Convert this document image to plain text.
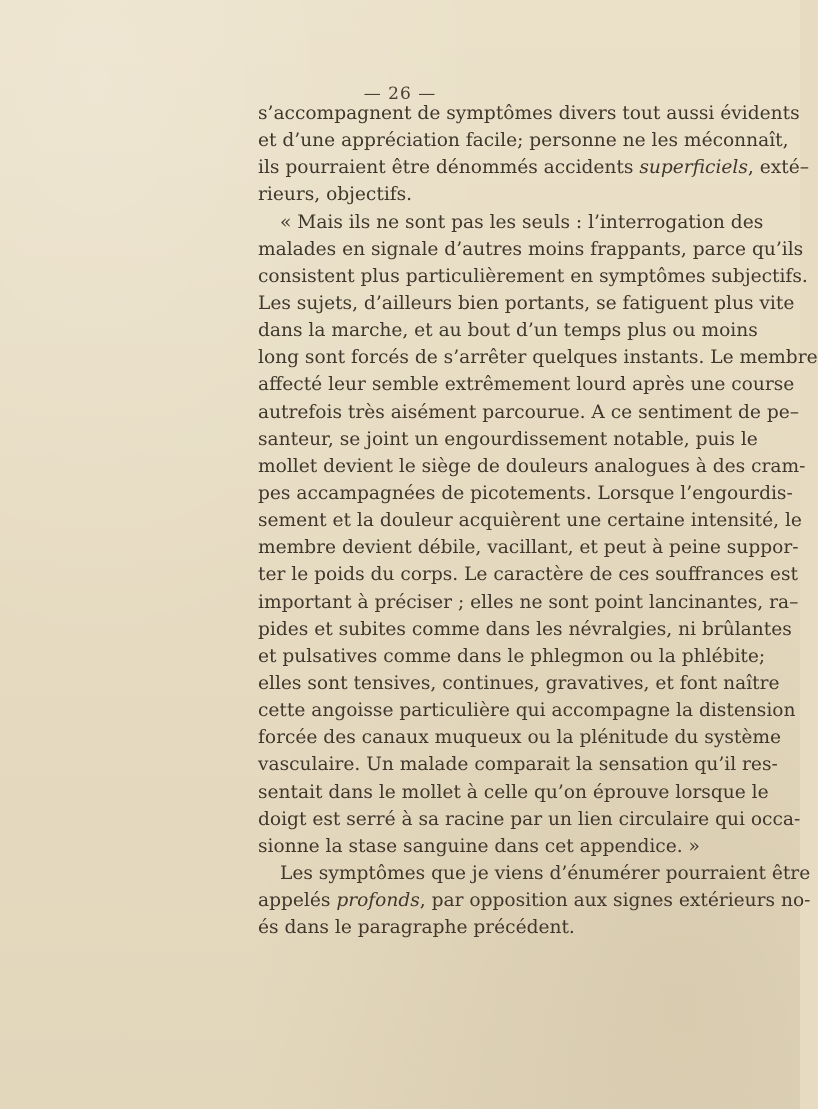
— 26 —
s’accompagnent de symptômes divers tout aussi évidents
et d’une appréciation facile; personne ne les méconnaît,
ils pourraient être dénommés accidents superficiels, exté–
rieurs, objectifs.
« Mais ils ne sont pas les seuls : l’interrogation des
malades en signale d’autres moins frappants, parce qu’ils
consistent plus particulièrement en symptômes subjectifs.
Les sujets, d’ailleurs bien portants, se fatiguent plus vite
dans la marche, et au bout d’un temps plus ou moins
long sont forcés de s’arrêter quelques instants. Le membre
affecté leur semble extrêmement lourd après une course
autrefois très aisément parcourue. A ce sentiment de pe–
santeur, se joint un engourdissement notable, puis le
mollet devient le siège de douleurs analogues à des cram-
pes accampagnées de picotements. Lorsque l’engourdis-
sement et la douleur acquièrent une certaine intensité, le
membre devient débile, vacillant, et peut à peine suppor-
ter le poids du corps. Le caractère de ces souffrances est
important à préciser ; elles ne sont point lancinantes, ra–
pides et subites comme dans les névralgies, ni brûlantes
et pulsatives comme dans le phlegmon ou la phlébite;
elles sont tensives, continues, gravatives, et font naître
cette angoisse particulière qui accompagne la distension
forcée des canaux muqueux ou la plénitude du système
vasculaire. Un malade comparait la sensation qu’il res-
sentait dans le mollet à celle qu’on éprouve lorsque le
doigt est serré à sa racine par un lien circulaire qui occa-
sionne la stase sanguine dans cet appendice. »
Les symptômes que je viens d’énumérer pourraient être
appelés profonds, par opposition aux signes extérieurs no-
és dans le paragraphe précédent.
